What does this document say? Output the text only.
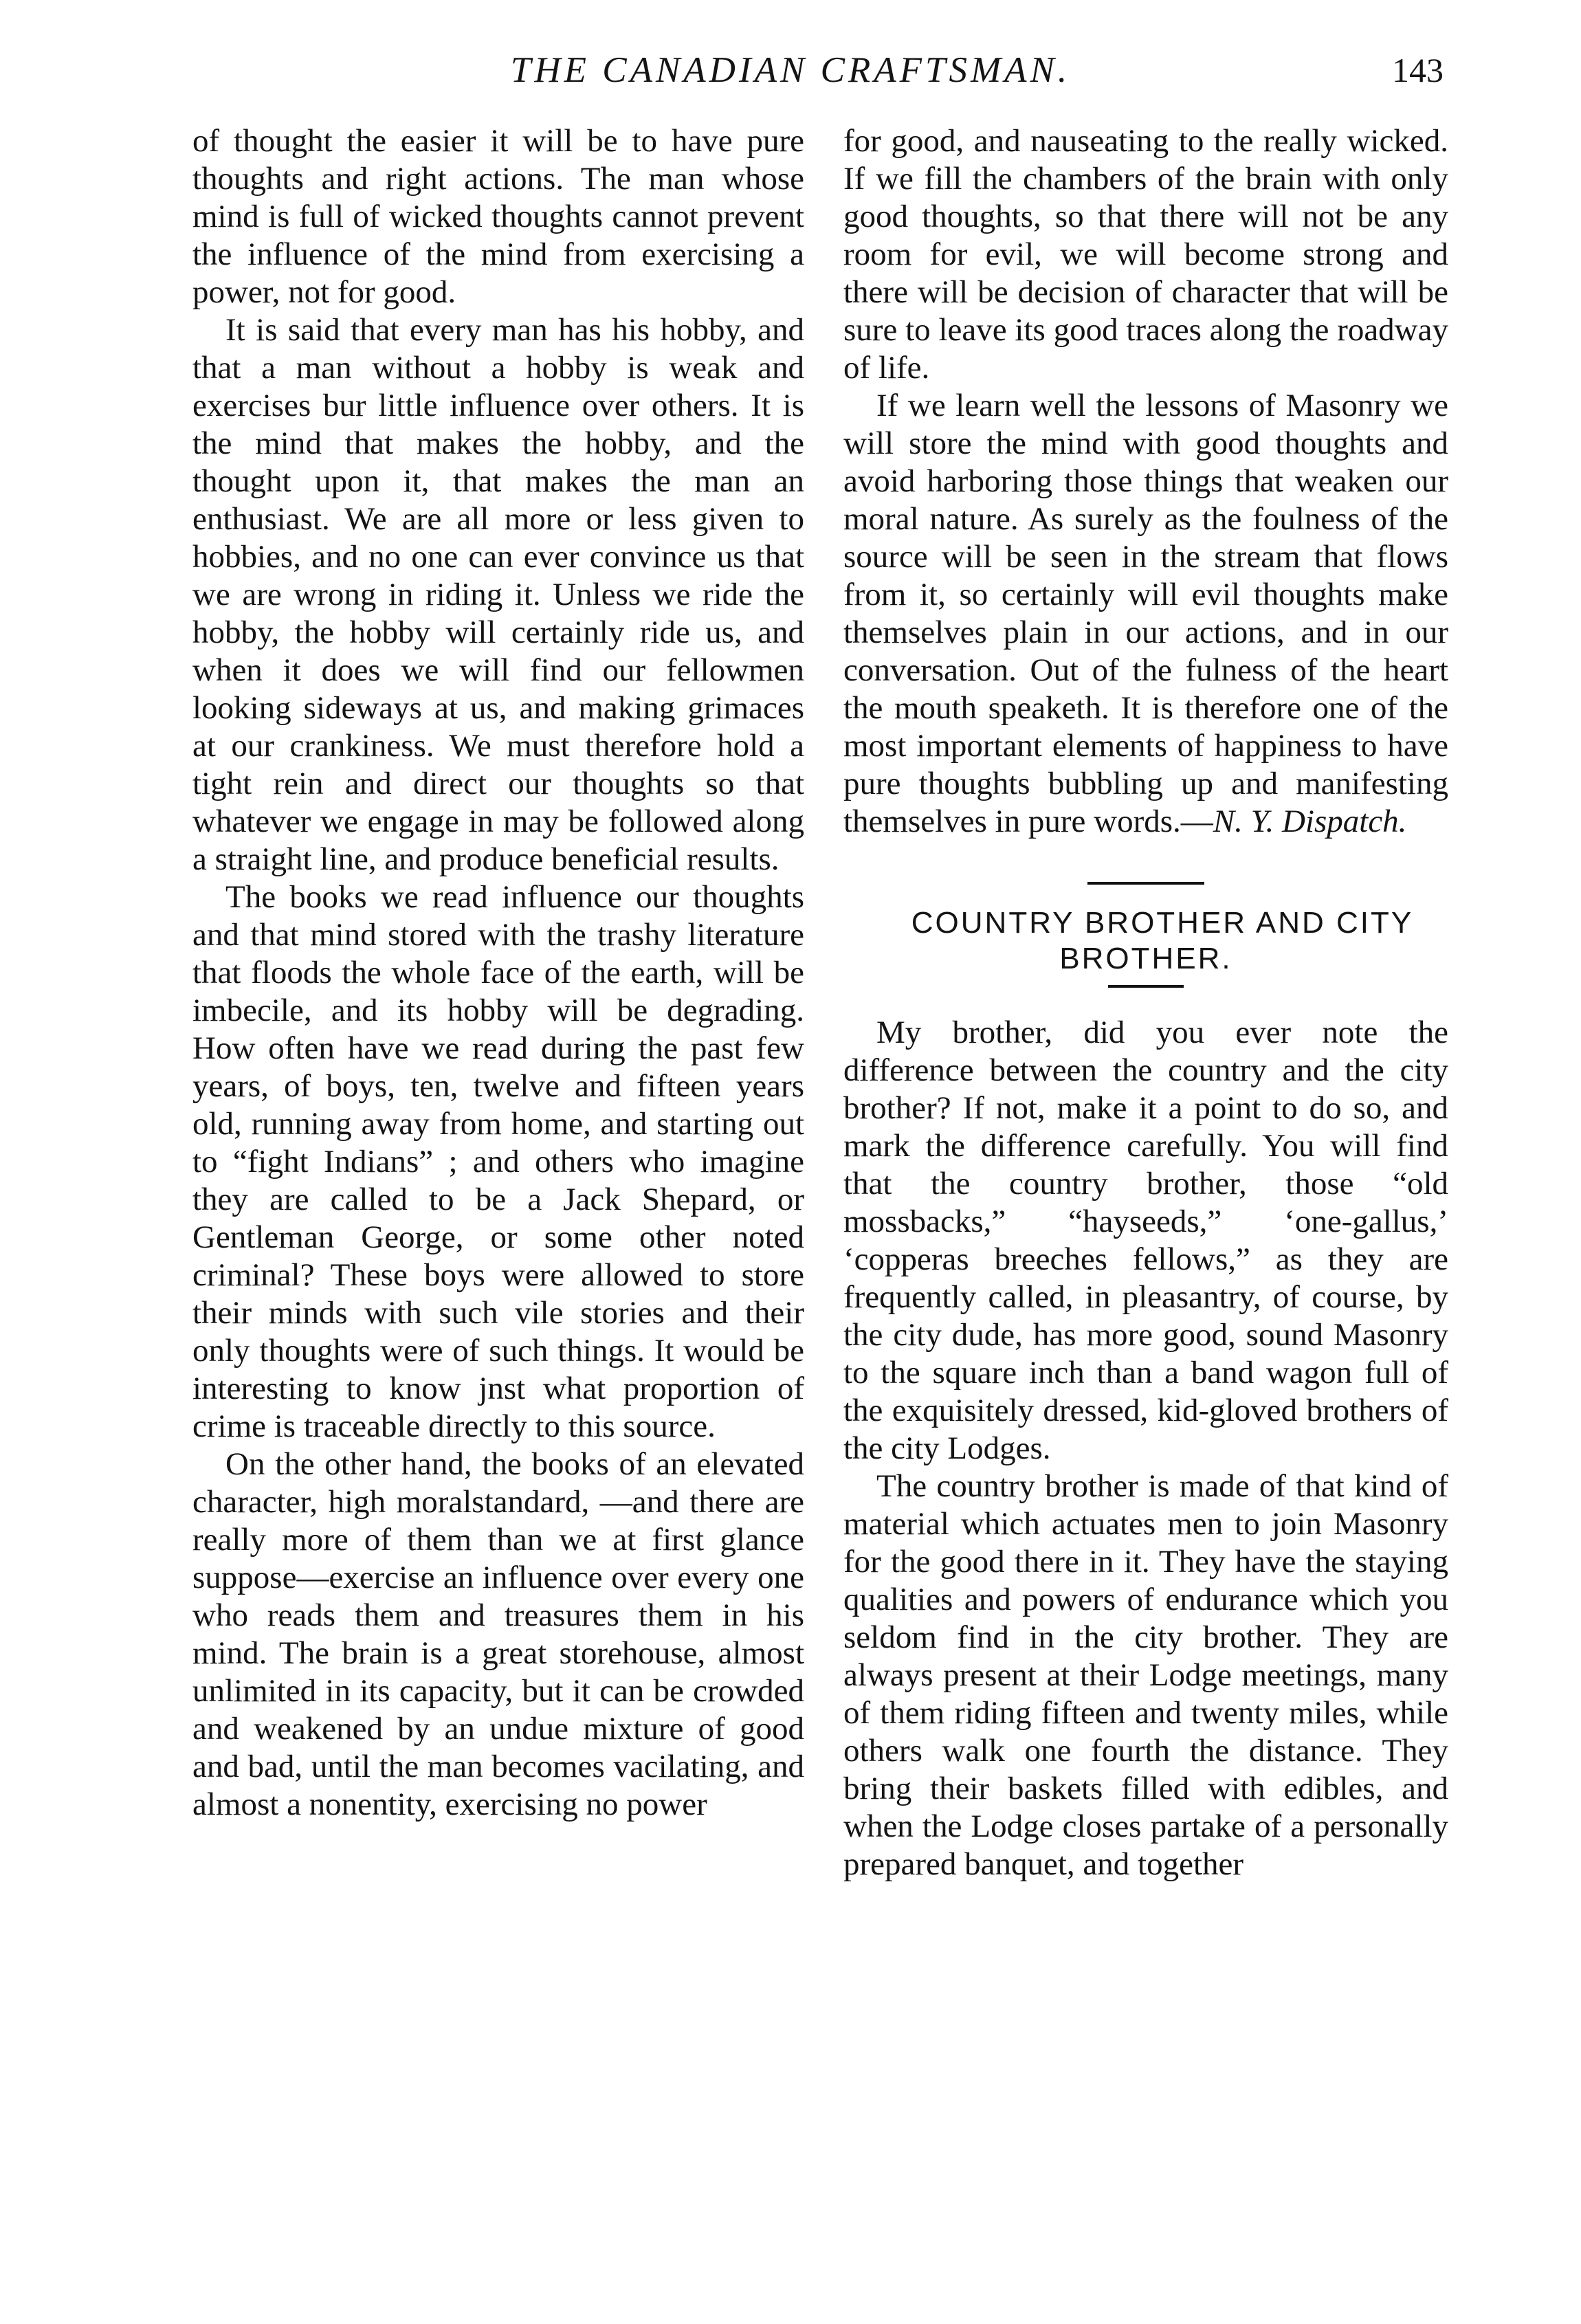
THE CANADIAN CRAFTSMAN.	143

of thought the easier it will be to have pure thoughts and right actions. The man whose mind is full of wicked thoughts cannot prevent the influence of the mind from exercising a power, not for good.

It is said that every man has his hobby, and that a man without a hobby is weak and exercises bur little influence over others. It is the mind that makes the hobby, and the thought upon it, that makes the man an enthusiast. We are all more or less given to hobbies, and no one can ever convince us that we are wrong in riding it. Unless we ride the hobby, the hobby will certainly ride us, and when it does we will find our fellowmen looking sideways at us, and making grimaces at our crankiness. We must therefore hold a tight rein and direct our thoughts so that whatever we engage in may be followed along a straight line, and produce beneficial results.

The books we read influence our thoughts and that mind stored with the trashy literature that floods the whole face of the earth, will be imbecile, and its hobby will be degrading. How often have we read during the past few years, of boys, ten, twelve and fifteen years old, running away from home, and starting out to “fight Indians” ; and others who imagine they are called to be a Jack Shepard, or Gentleman George, or some other noted criminal? These boys were allowed to store their minds with such vile stories and their only thoughts were of such things. It would be interesting to know jnst what proportion of crime is traceable directly to this source.

On the other hand, the books of an elevated character, high moralstandard, —and there are really more of them than we at first glance suppose—exercise an influence over every one who reads them and treasures them in his mind. The brain is a great storehouse, almost unlimited in its capacity, but it can be crowded and weakened by an undue mixture of good and bad, until the man becomes vacilating, and almost a nonentity, exercising no power

for good, and nauseating to the really wicked. If we fill the chambers of the brain with only good thoughts, so that there will not be any room for evil, we will become strong and there will be decision of character that will be sure to leave its good traces along the roadway of life.

If we learn well the lessons of Masonry we will store the mind with good thoughts and avoid harboring those things that weaken our moral nature. As surely as the foulness of the source will be seen in the stream that flows from it, so certainly will evil thoughts make themselves plain in our actions, and in our conversation. Out of the fulness of the heart the mouth speaketh. It is therefore one of the most important elements of happiness to have pure thoughts bubbling up and manifesting themselves in pure words.—N. Y. Dispatch.

COUNTRY BROTHER AND CITY BROTHER.

My brother, did you ever note the difference between the country and the city brother? If not, make it a point to do so, and mark the difference carefully. You will find that the country brother, those “old mossbacks,” “hayseeds,” ‘one-gallus,’ ‘copperas breeches fellows,” as they are frequently called, in pleasantry, of course, by the city dude, has more good, sound Masonry to the square inch than a band wagon full of the exquisitely dressed, kid-gloved brothers of the city Lodges.

The country brother is made of that kind of material which actuates men to join Masonry for the good there in it. They have the staying qualities and powers of endurance which you seldom find in the city brother. They are always present at their Lodge meetings, many of them riding fifteen and twenty miles, while others walk one fourth the distance. They bring their baskets filled with edibles, and when the Lodge closes partake of a personally prepared banquet, and together
